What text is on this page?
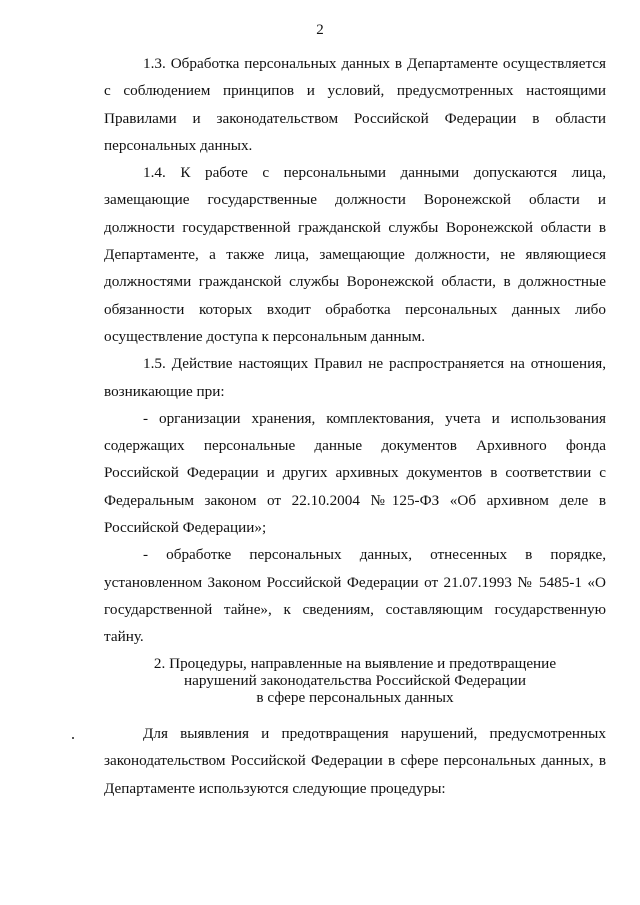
2

1.3. Обработка персональных данных в Департаменте осуществляется с соблюдением принципов и условий, предусмотренных настоящими Правилами и законодательством Российской Федерации в области персональных данных.

1.4. К работе с персональными данными допускаются лица, замещающие государственные должности Воронежской области и должности государственной гражданской службы Воронежской области в Департаменте, а также лица, замещающие должности, не являющиеся должностями гражданской службы Воронежской области, в должностные обязанности которых входит обработка персональных данных либо осуществление доступа к персональным данным.

1.5. Действие настоящих Правил не распространяется на отношения, возникающие при:

- организации хранения, комплектования, учета и использования содержащих персональные данные документов Архивного фонда Российской Федерации и других архивных документов в соответствии с Федеральным законом от 22.10.2004 №125-ФЗ «Об архивном деле в Российской Федерации»;

- обработке персональных данных, отнесенных в порядке, установленном Законом Российской Федерации от 21.07.1993 № 5485-1 «О государственной тайне», к сведениям, составляющим государственную тайну.

2. Процедуры, направленные на выявление и предотвращение
нарушений законодательства Российской Федерации
в сфере персональных данных

Для выявления и предотвращения нарушений, предусмотренных законодательством Российской Федерации в сфере персональных данных, в Департаменте используются следующие процедуры:
